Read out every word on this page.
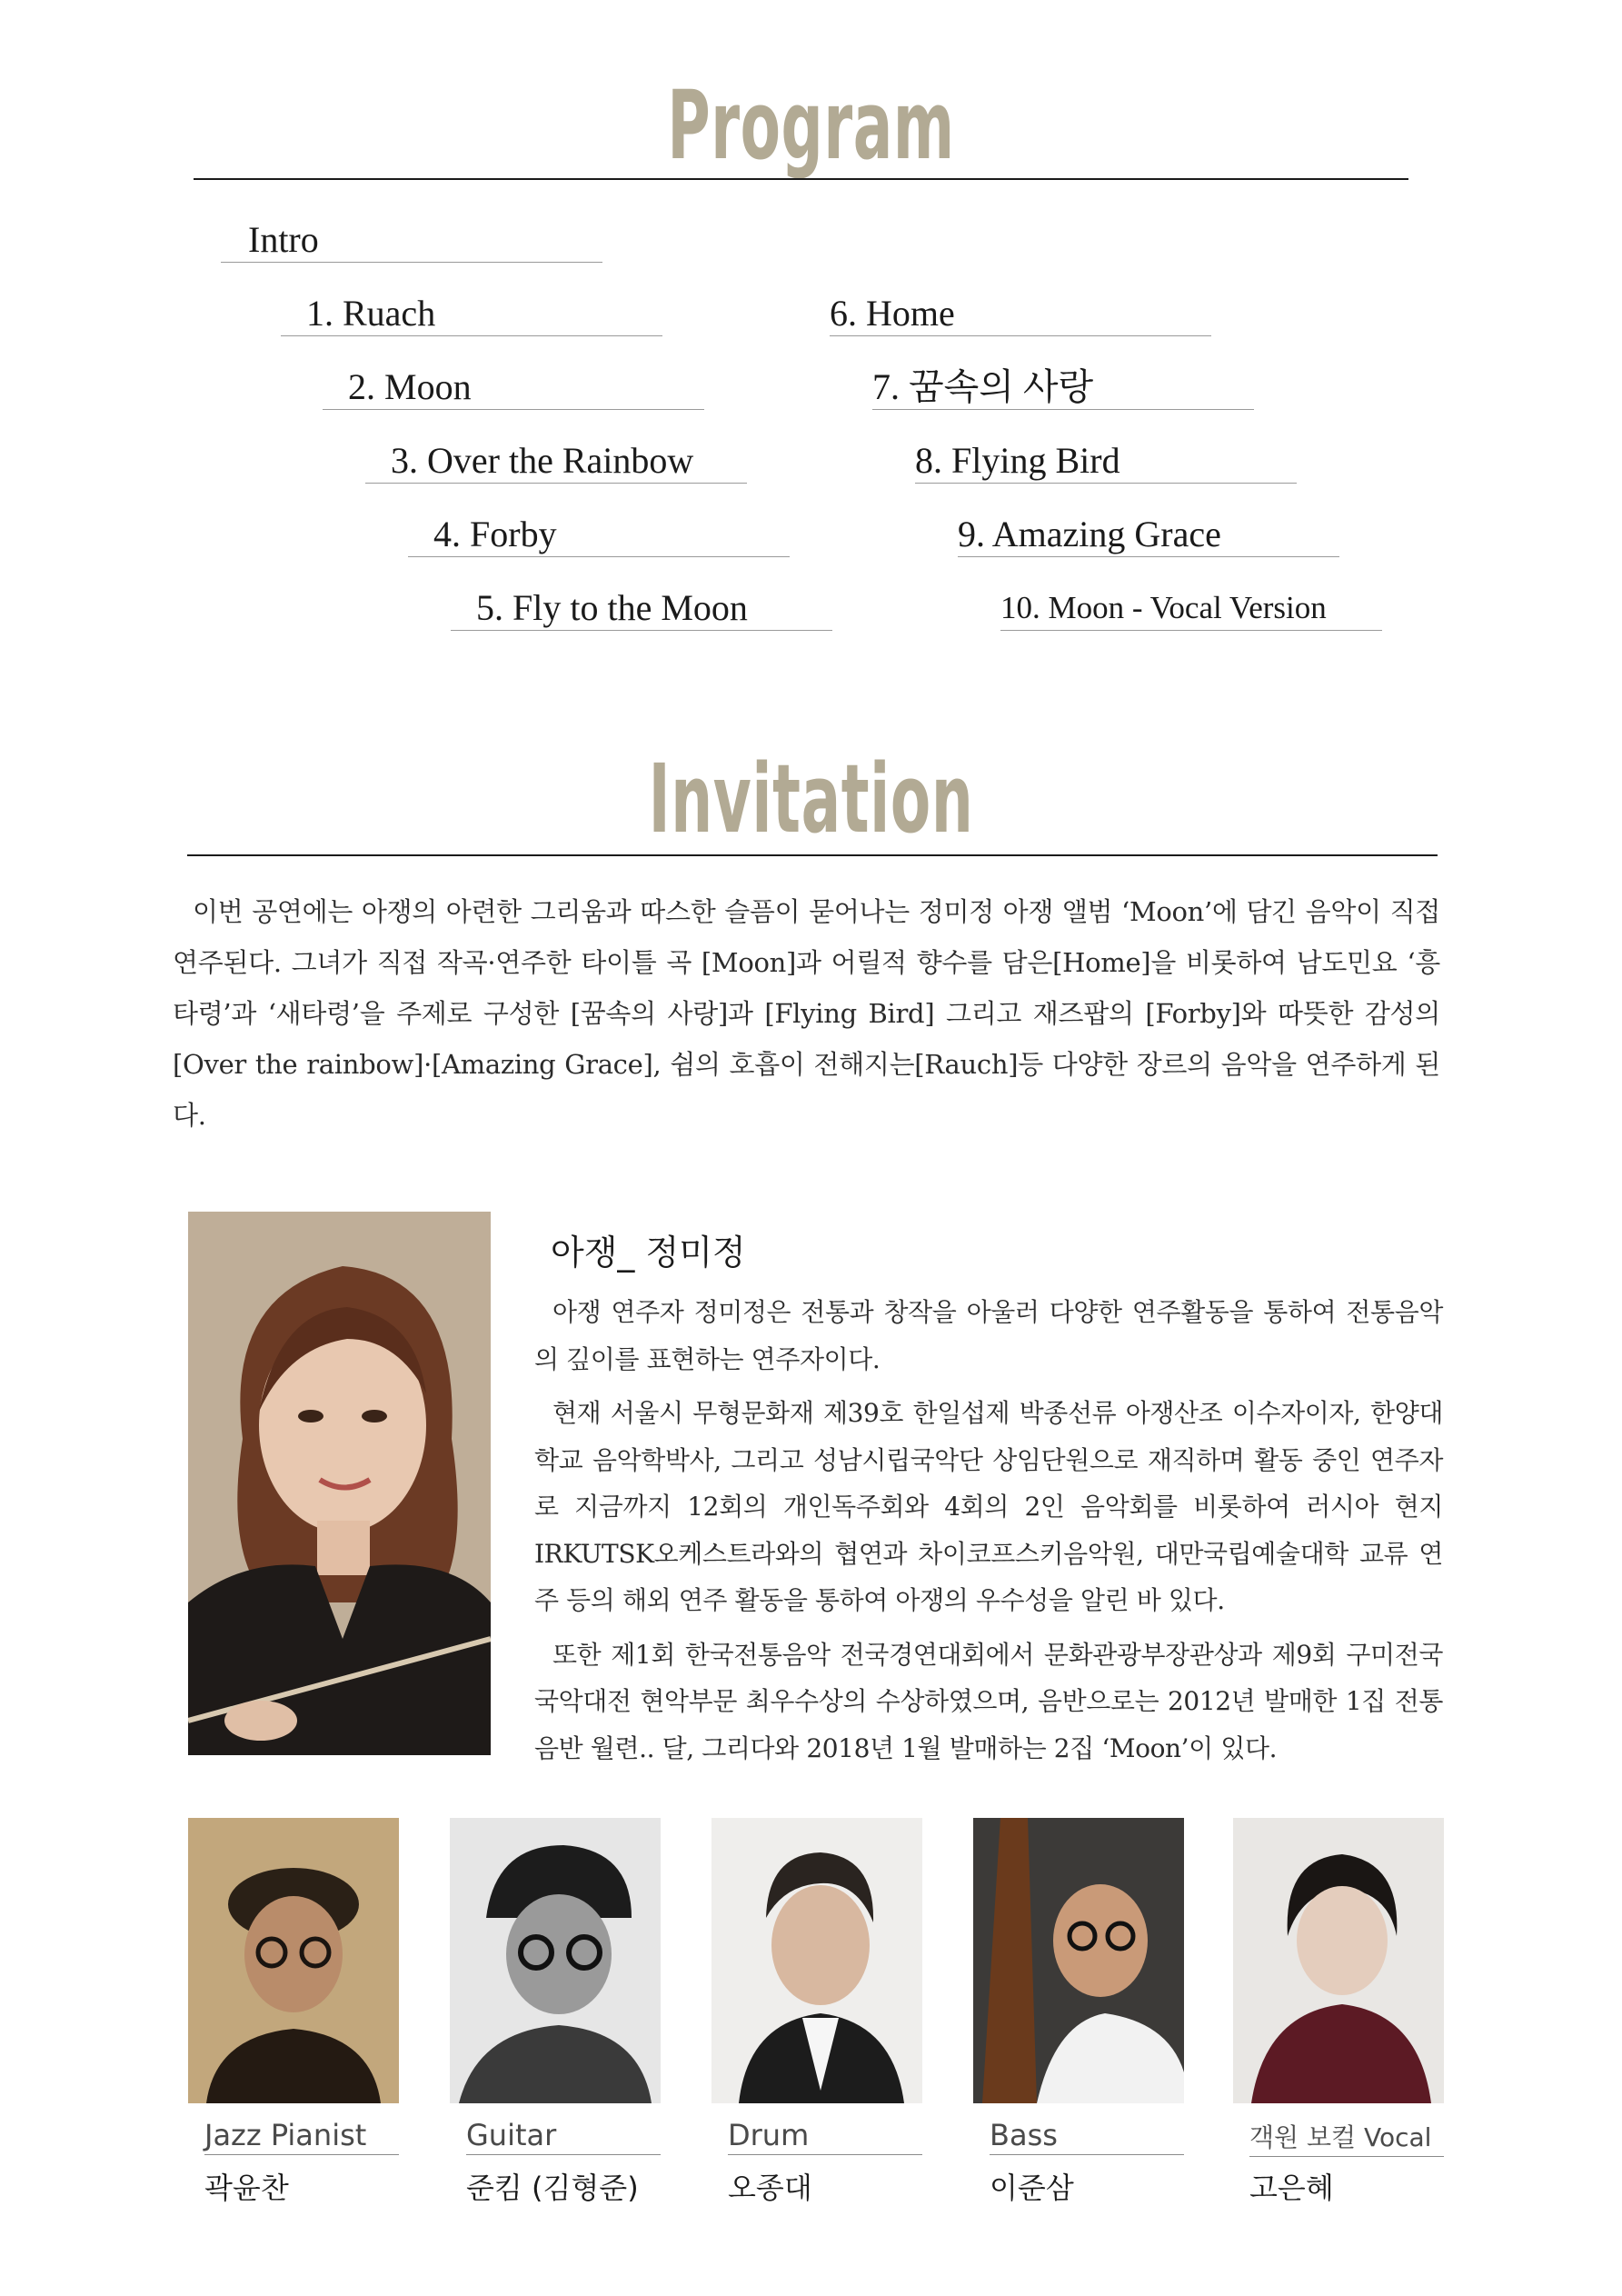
Program
Intro
1. Ruach
2. Moon
3. Over the Rainbow
4. Forby
5. Fly to the Moon
6. Home
7. 꿈속의 사랑
8. Flying Bird
9. Amazing Grace
10. Moon - Vocal Version
Invitation
이번 공연에는 아쟁의 아련한 그리움과 따스한 슬픔이 묻어나는 정미정 아쟁 앨범 ‘Moon’에 담긴 음악이 직접 연주된다. 그녀가 직접 작곡·연주한 타이틀 곡 [Moon]과 어릴적 향수를 담은[Home]을 비롯하여 남도민요 ‘흥타령’과 ‘새타령’을 주제로 구성한 [꿈속의 사랑]과 [Flying Bird] 그리고 재즈팝의 [Forby]와 따뜻한 감성의 [Over the rainbow]·[Amazing Grace], 쉼의 호흡이 전해지는[Rauch]등 다양한 장르의 음악을 연주하게 된다.
아쟁_ 정미정

아쟁 연주자 정미정은 전통과 창작을 아울러 다양한 연주활동을 통하여 전통음악의 깊이를 표현하는 연주자이다.

현재 서울시 무형문화재 제39호 한일섭제 박종선류 아쟁산조 이수자이자, 한양대학교 음악학박사, 그리고 성남시립국악단 상임단원으로 재직하며 활동 중인 연주자로 지금까지 12회의 개인독주회와 4회의 2인 음악회를 비롯하여 러시아 현지 IRKUTSK오케스트라와의 협연과 차이코프스키음악원, 대만국립예술대학 교류 연주 등의 해외 연주 활동을 통하여 아쟁의 우수성을 알린 바 있다.

또한 제1회 한국전통음악 전국경연대회에서 문화관광부장관상과 제9회 구미전국국악대전 현악부문 최우수상의 수상하였으며, 음반으로는 2012년 발매한 1집 전통음반 월련.. 달, 그리다와 2018년 1월 발매하는 2집 ‘Moon’이 있다.

Jazz Pianist
곽윤찬
Guitar
준킴 (김형준)
Drum
오종대
Bass
이준삼
객원 보컬 Vocal
고은혜
